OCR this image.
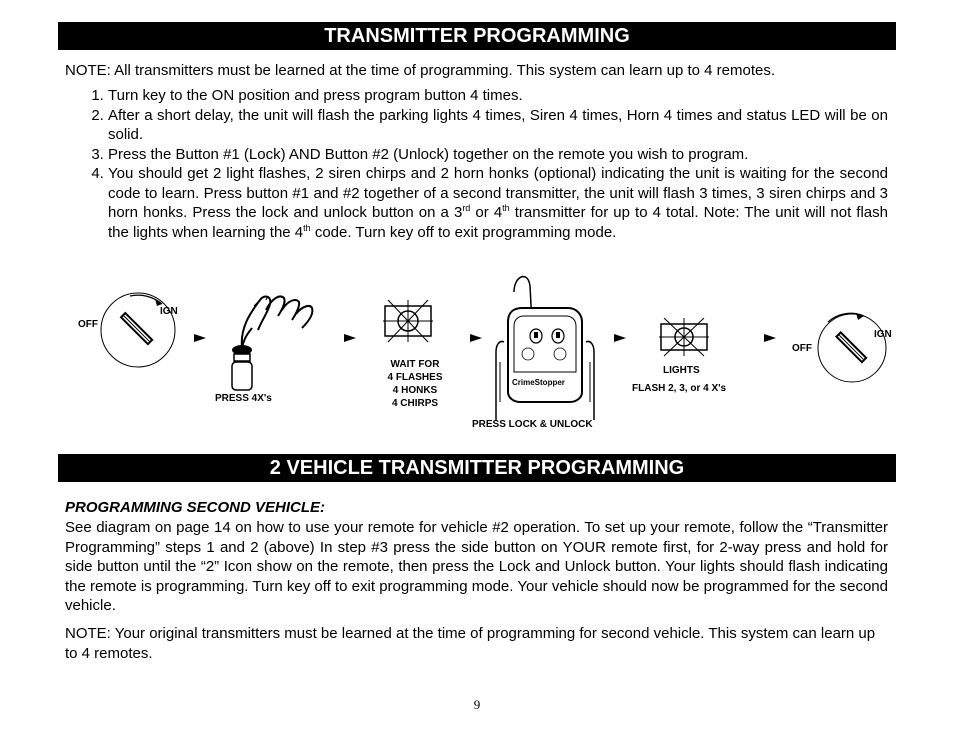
TRANSMITTER PROGRAMMING
NOTE: All transmitters must be learned at the time of programming. This system can learn up to 4 remotes.
1. Turn key to the ON position and press program button 4 times.
2. After a short delay, the unit will flash the parking lights 4 times, Siren 4 times, Horn 4 times and status LED will be on solid.
3. Press the Button #1 (Lock) AND Button #2 (Unlock) together on the remote you wish to program.
4. You should get 2 light flashes, 2 siren chirps and 2 horn honks (optional) indicating the unit is waiting for the second code to learn. Press button #1 and #2 together of a second transmitter, the unit will flash 3 times, 3 siren chirps and 3 horn honks. Press the lock and unlock button on a 3rd or 4th transmitter for up to 4 total. Note: The unit will not flash the lights when learning the 4th code. Turn key off to exit programming mode.
IGN
OFF
PRESS 4X's
WAIT FOR
4 FLASHES
4 HONKS
4 CHIRPS
CrimeStopper
PRESS LOCK & UNLOCK
LIGHTS
FLASH 2, 3, or 4 X's
IGN
OFF
2 VEHICLE TRANSMITTER PROGRAMMING
PROGRAMMING SECOND VEHICLE:
See diagram on page 14 on how to use your remote for vehicle #2 operation. To set up your remote, follow the “Transmitter Programming” steps 1 and 2 (above) In step #3 press the side button on YOUR remote first, for 2-way press and hold for side button until the “2” Icon show on the remote, then press the Lock and Unlock button. Your lights should flash indicating the remote is programming. Turn key off to exit programming mode. Your vehicle should now be programmed for the second vehicle.
NOTE: Your original transmitters must be learned at the time of programming for second vehicle. This system can learn up to 4 remotes.
9
